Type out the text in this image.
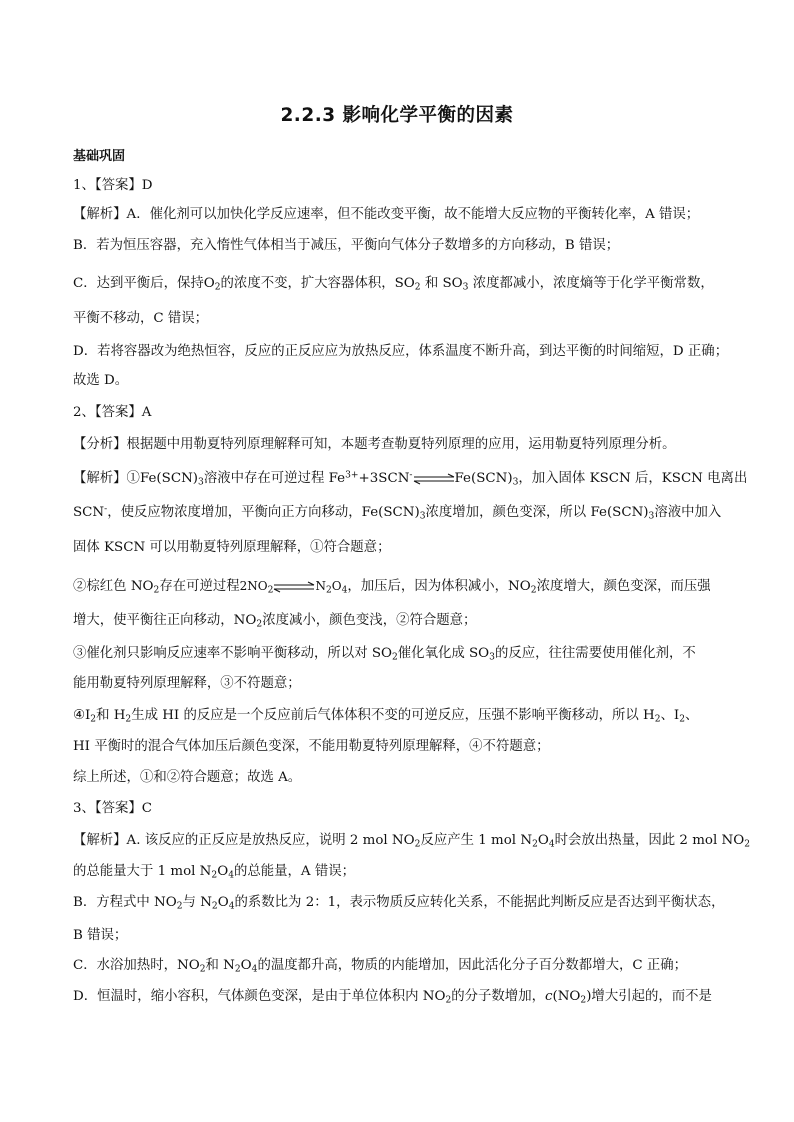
2.2.3 影响化学平衡的因素
基础巩固
1、【答案】D
【解析】A．催化剂可以加快化学反应速率，但不能改变平衡，故不能增大反应物的平衡转化率，A 错误；
B．若为恒压容器，充入惰性气体相当于减压，平衡向气体分子数增多的方向移动，B 错误；
C．达到平衡后，保持$O_2$的浓度不变，扩大容器体积，$SO_2$ 和 $SO_3$ 浓度都减小，浓度熵等于化学平衡常数，
平衡不移动，C 错误；
D．若将容器改为绝热恒容，反应的正反应应为放热反应，体系温度不断升高，到达平衡的时间缩短，D 正确；
故选 D。
2、【答案】A
【分析】根据题中用勒夏特列原理解释可知，本题考查勒夏特列原理的应用，运用勒夏特列原理分析。
【解析】$①Fe(SCN)_3$溶液中存在可逆过程 $Fe^{3+}+3SCN^-\rightleftharpoons Fe(SCN)_3$，加入固体 KSCN 后，KSCN 电离出
SCN-，使反应物浓度增加，平衡向正方向移动，$Fe(SCN)_3$浓度增加，颜色变深，所以 $Fe(SCN)_3$溶液中加入
固体 KSCN 可以用勒夏特列原理解释，①符合题意；
②棕红色 $NO_2$存在可逆过程$2NO_2\rightleftharpoons N_2O_4$，加压后，因为体积减小，$NO_2$浓度增大，颜色变深，而压强
增大，使平衡往正向移动，$NO_2$浓度减小，颜色变浅，②符合题意；
③催化剂只影响反应速率不影响平衡移动，所以对 $SO_2$催化氧化成 $SO_3$的反应，往往需要使用催化剂，不
能用勒夏特列原理解释，③不符题意；
$④I_2$和 $H_2$生成 HI 的反应是一个反应前后气体体积不变的可逆反应，压强不影响平衡移动，所以 $H_2$、$I_2$、
HI 平衡时的混合气体加压后颜色变深，不能用勒夏特列原理解释，④不符题意；
综上所述，①和②符合题意；故选 A。
3、【答案】C
【解析】A. 该反应的正反应是放热反应，说明 2 mol $NO_2$反应产生 1 mol $N_2O_4$时会放出热量，因此 2 mol $NO_2$
的总能量大于 1 mol $N_2O_4$的总能量，A 错误；
B．方程式中 $NO_2$与 $N_2O_4$的系数比为 2：1，表示物质反应转化关系，不能据此判断反应是否达到平衡状态，
B 错误；
C．水浴加热时，$NO_2$和 $N_2O_4$的温度都升高，物质的内能增加，因此活化分子百分数都增大，C 正确；
D．恒温时，缩小容积，气体颜色变深，是由于单位体积内 $NO_2$的分子数增加，$c(NO_2)$增大引起的，而不是
